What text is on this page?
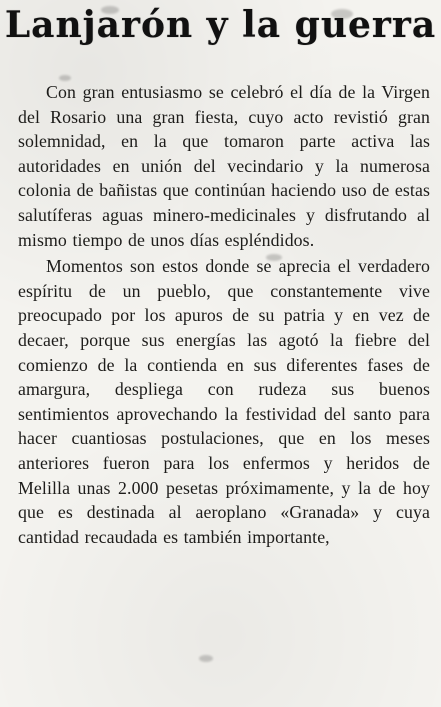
Lanjarón y la guerra

Con gran entusiasmo se celebró el día de la Virgen del Rosario una gran fiesta, cuyo acto revistió gran solemnidad, en la que tomaron parte activa las autoridades en unión del vecindario y la numerosa colonia de bañistas que continúan haciendo uso de estas salutíferas aguas minero-medicinales y disfrutando al mismo tiempo de unos días espléndidos.

Momentos son estos donde se aprecia el verdadero espíritu de un pueblo, que constantemente vive preocupado por los apuros de su patria y en vez de decaer, porque sus energías las agotó la fiebre del comienzo de la contienda en sus diferentes fases de amargura, despliega con rudeza sus buenos sentimientos aprovechando la festividad del santo para hacer cuantiosas postulaciones, que en los meses anteriores fueron para los enfermos y heridos de Melilla unas 2.000 pesetas próximamente, y la de hoy que es destinada al aeroplano «Granada» y cuya cantidad recaudada es también importante,
